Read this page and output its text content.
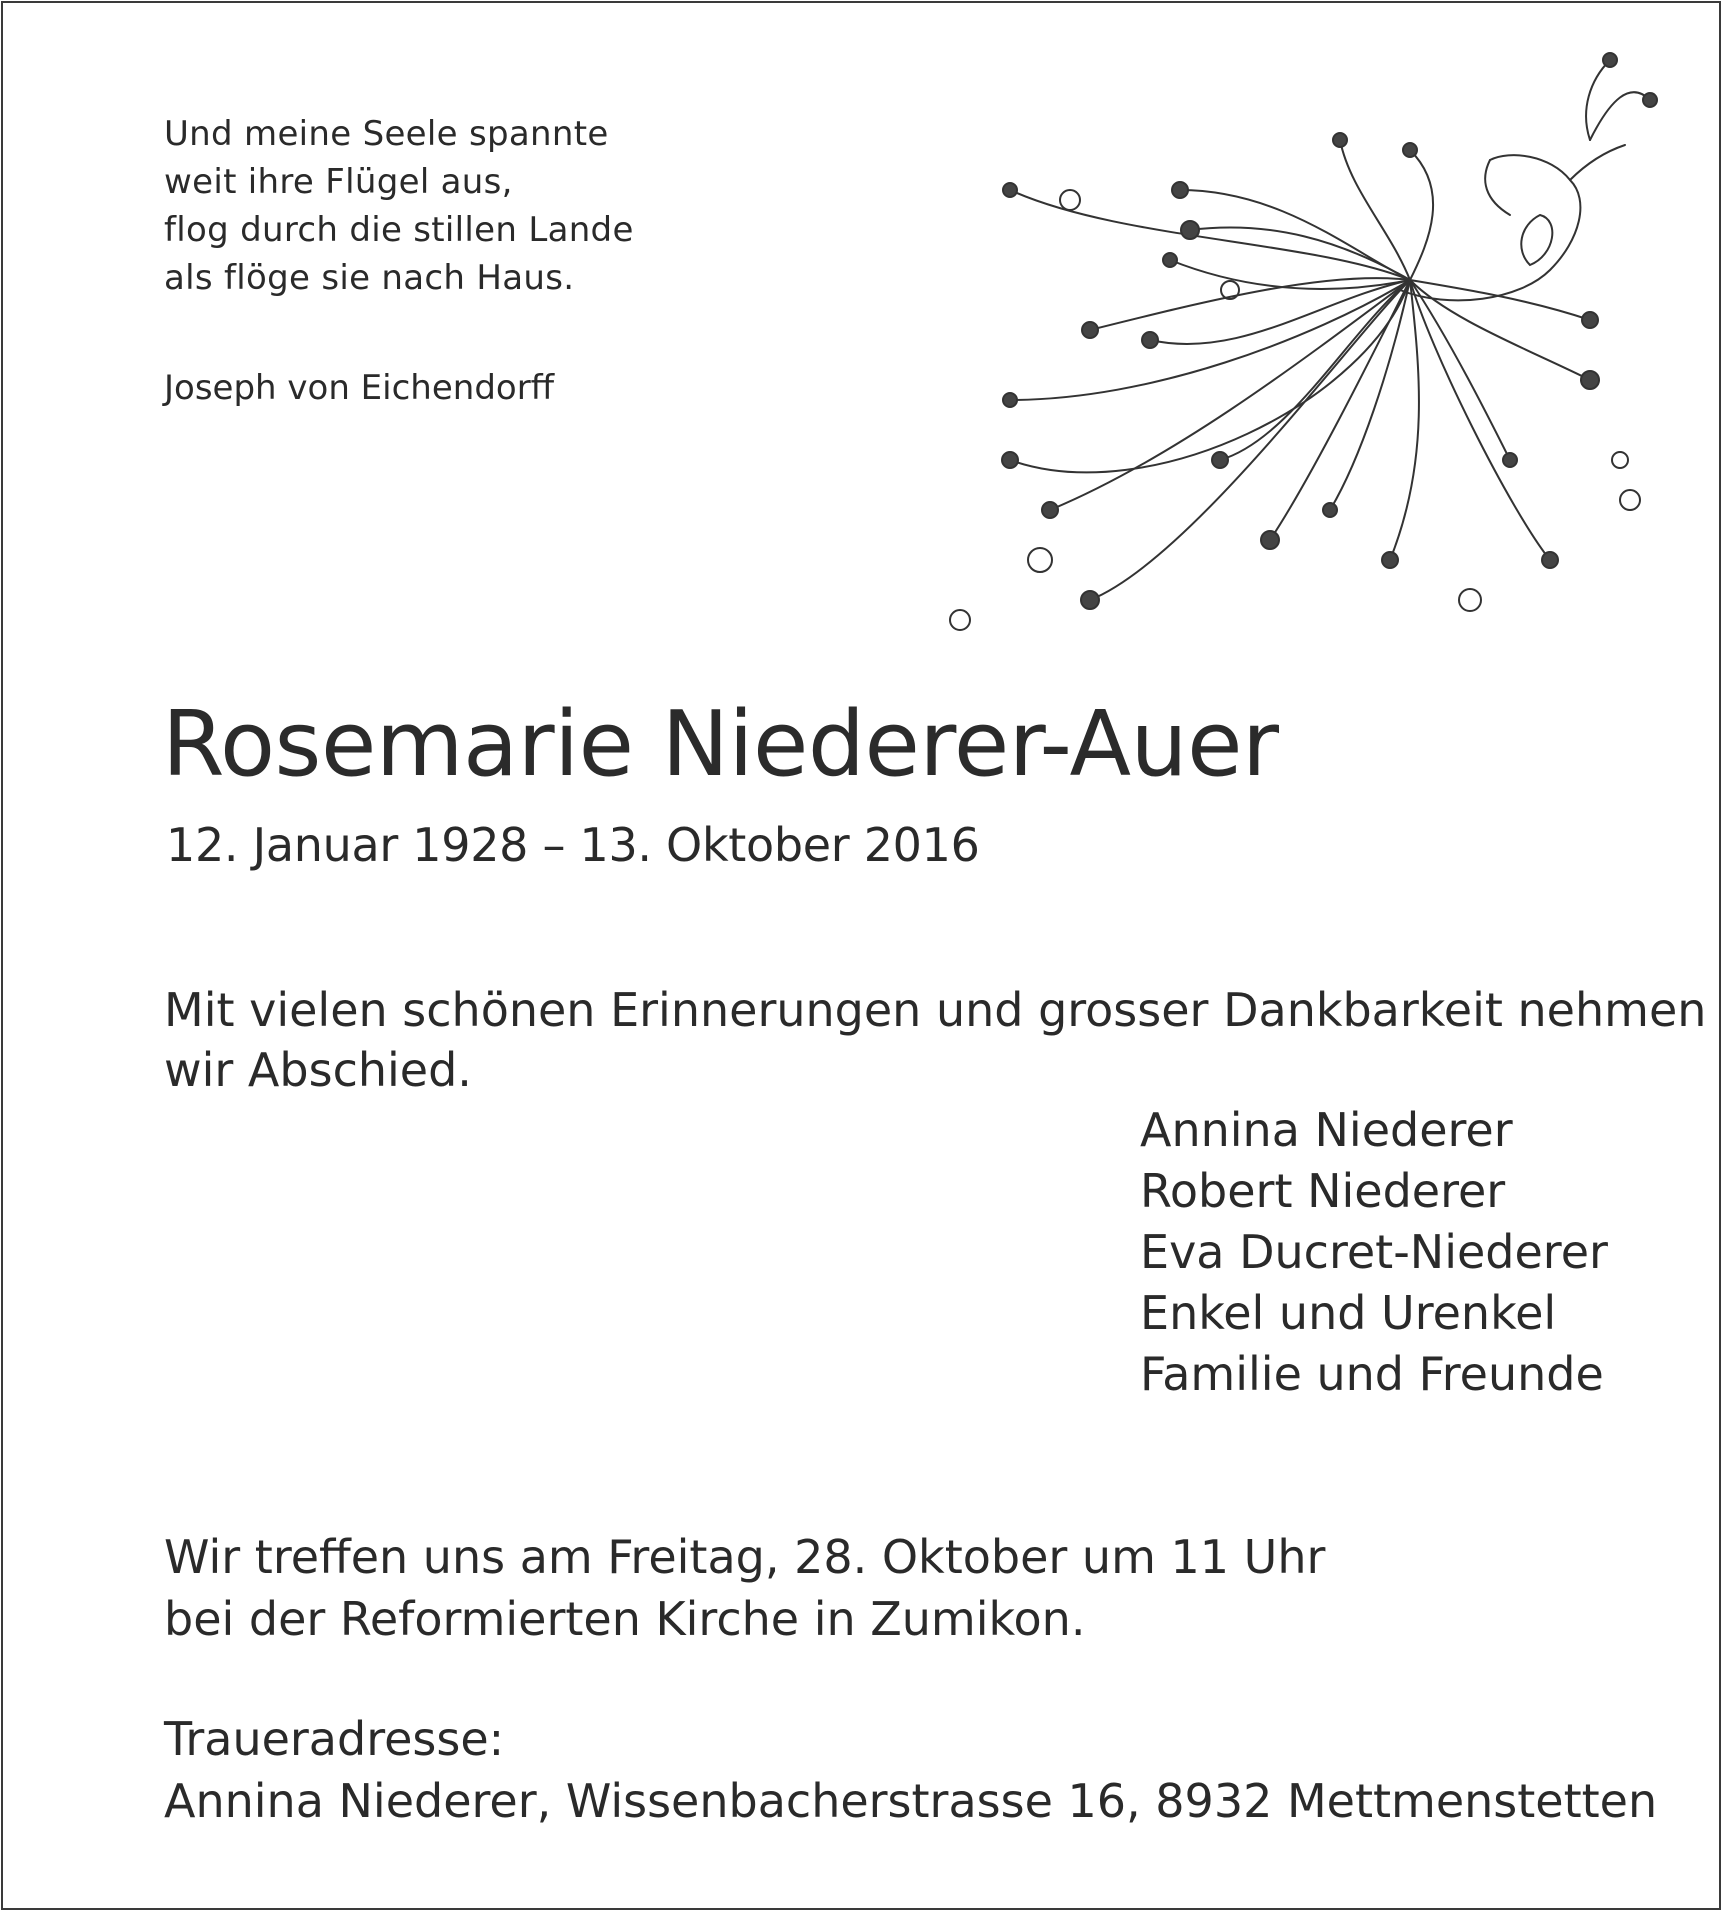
Und meine Seele spannte
weit ihre Flügel aus,
flog durch die stillen Lande
als flöge sie nach Haus.
Joseph von Eichendorff
Rosemarie Niederer-Auer
12. Januar 1928 – 13. Oktober 2016
Mit vielen schönen Erinnerungen und grosser Dankbarkeit nehmen
wir Abschied.
Annina Niederer
Robert Niederer
Eva Ducret-Niederer
Enkel und Urenkel
Familie und Freunde
Wir treffen uns am Freitag, 28. Oktober um 11 Uhr
bei der Reformierten Kirche in Zumikon.
Traueradresse:
Annina Niederer, Wissenbacherstrasse 16, 8932 Mettmenstetten
